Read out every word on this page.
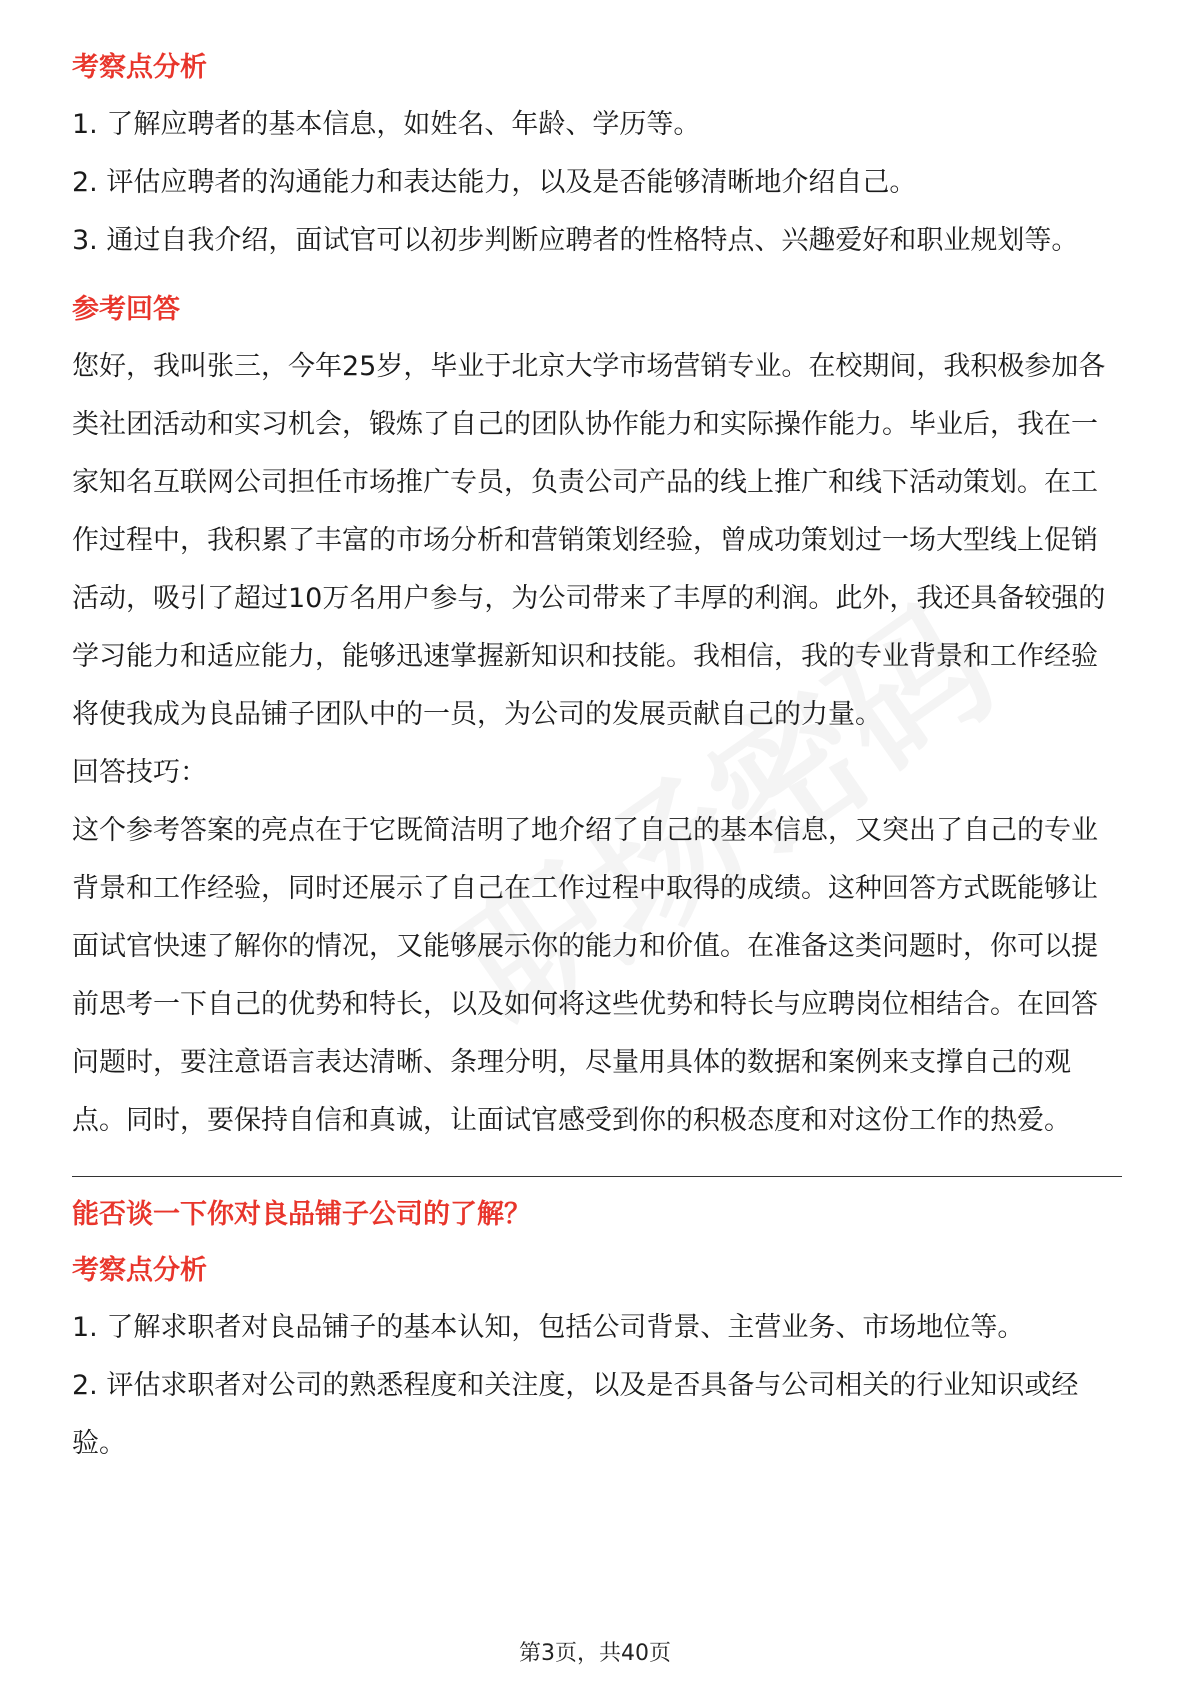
考察点分析

1. 了解应聘者的基本信息，如姓名、年龄、学历等。

2. 评估应聘者的沟通能力和表达能力，以及是否能够清晰地介绍自己。

3. 通过自我介绍，面试官可以初步判断应聘者的性格特点、兴趣爱好和职业规划等。

参考回答

您好，我叫张三，今年25岁，毕业于北京大学市场营销专业。在校期间，我积极参加各类社团活动和实习机会，锻炼了自己的团队协作能力和实际操作能力。毕业后，我在一家知名互联网公司担任市场推广专员，负责公司产品的线上推广和线下活动策划。在工作过程中，我积累了丰富的市场分析和营销策划经验，曾成功策划过一场大型线上促销活动，吸引了超过10万名用户参与，为公司带来了丰厚的利润。此外，我还具备较强的学习能力和适应能力，能够迅速掌握新知识和技能。我相信，我的专业背景和工作经验将使我成为良品铺子团队中的一员，为公司的发展贡献自己的力量。

回答技巧：

这个参考答案的亮点在于它既简洁明了地介绍了自己的基本信息，又突出了自己的专业背景和工作经验，同时还展示了自己在工作过程中取得的成绩。这种回答方式既能够让面试官快速了解你的情况，又能够展示你的能力和价值。在准备这类问题时，你可以提前思考一下自己的优势和特长，以及如何将这些优势和特长与应聘岗位相结合。在回答问题时，要注意语言表达清晰、条理分明，尽量用具体的数据和案例来支撑自己的观点。同时，要保持自信和真诚，让面试官感受到你的积极态度和对这份工作的热爱。

能否谈一下你对良品铺子公司的了解？
考察点分析

1. 了解求职者对良品铺子的基本认知，包括公司背景、主营业务、市场地位等。

2. 评估求职者对公司的熟悉程度和关注度，以及是否具备与公司相关的行业知识或经验。

第3页，共40页
